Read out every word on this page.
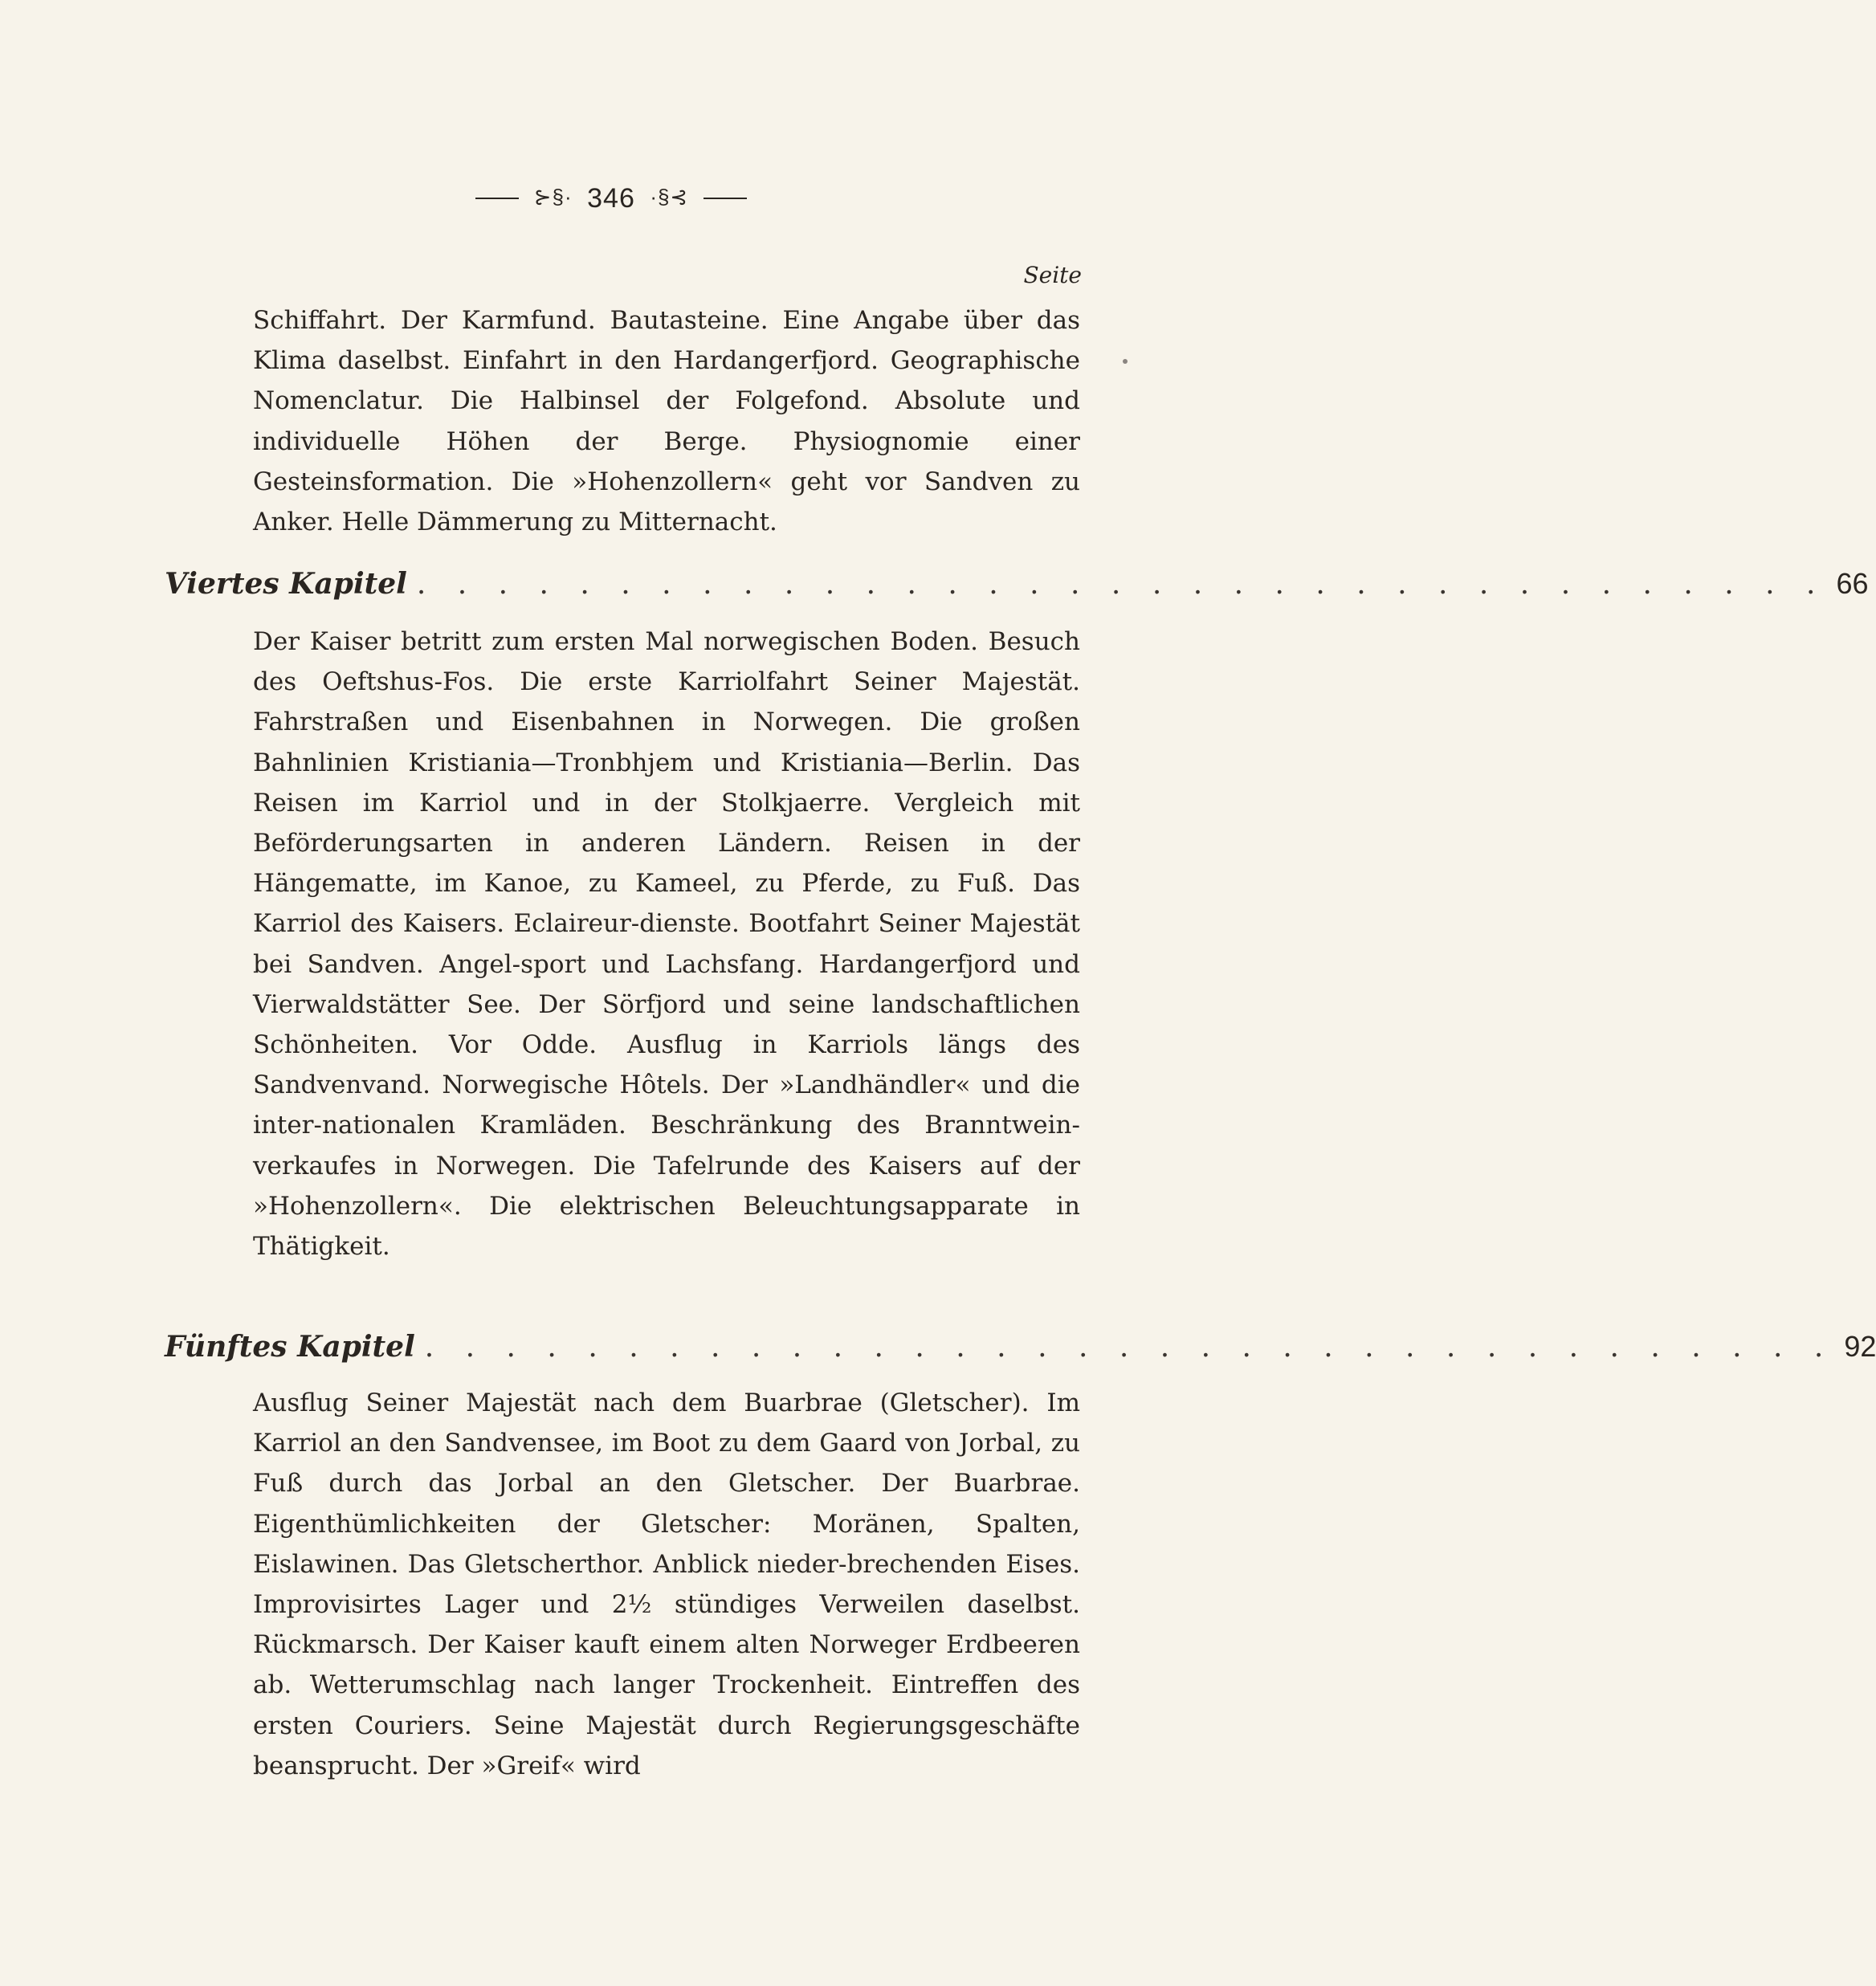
⊱§· 346 ·§⊰
Seite

Schiffahrt. Der Karmfund. Bautasteine. Eine Angabe über das Klima daselbst. Einfahrt in den Hardangerfjord. Geographische Nomenclatur. Die Halbinsel der Folgefond. Absolute und individuelle Höhen der Berge. Physiognomie einer Gesteinsformation. Die »Hohenzollern« geht vor Sandven zu Anker. Helle Dämmerung zu Mitternacht.

Viertes Kapitel . . . . . . . . . . . . . . . . . . . . . . . . . . . . . . . . . . . 66

Der Kaiser betritt zum ersten Mal norwegischen Boden. Besuch des Oeftshus-Fos. Die erste Karriolfahrt Seiner Majestät. Fahrstraßen und Eisenbahnen in Norwegen. Die großen Bahnlinien Kristiania—Tronbhjem und Kristiania—Berlin. Das Reisen im Karriol und in der Stolkjaerre. Vergleich mit Beförderungsarten in anderen Ländern. Reisen in der Hängematte, im Kanoe, zu Kameel, zu Pferde, zu Fuß. Das Karriol des Kaisers. Eclaireur-dienste. Bootfahrt Seiner Majestät bei Sandven. Angel-sport und Lachsfang. Hardangerfjord und Vierwaldstätter See. Der Sörfjord und seine landschaftlichen Schönheiten. Vor Odde. Ausflug in Karriols längs des Sandvenvand. Norwegische Hôtels. Der »Landhändler« und die inter-nationalen Kramläden. Beschränkung des Branntwein-verkaufes in Norwegen. Die Tafelrunde des Kaisers auf der »Hohenzollern«. Die elektrischen Beleuchtungsapparate in Thätigkeit.

Fünftes Kapitel . . . . . . . . . . . . . . . . . . . . . . . . . . . . . . . . . . . 92

Ausflug Seiner Majestät nach dem Buarbrae (Gletscher). Im Karriol an den Sandvensee, im Boot zu dem Gaard von Jorbal, zu Fuß durch das Jorbal an den Gletscher. Der Buarbrae. Eigenthümlichkeiten der Gletscher: Moränen, Spalten, Eislawinen. Das Gletscherthor. Anblick nieder-brechenden Eises. Improvisirtes Lager und 2½ stündiges Verweilen daselbst. Rückmarsch. Der Kaiser kauft einem alten Norweger Erdbeeren ab. Wetterumschlag nach langer Trockenheit. Eintreffen des ersten Couriers. Seine Majestät durch Regierungsgeschäfte beansprucht. Der »Greif« wird
